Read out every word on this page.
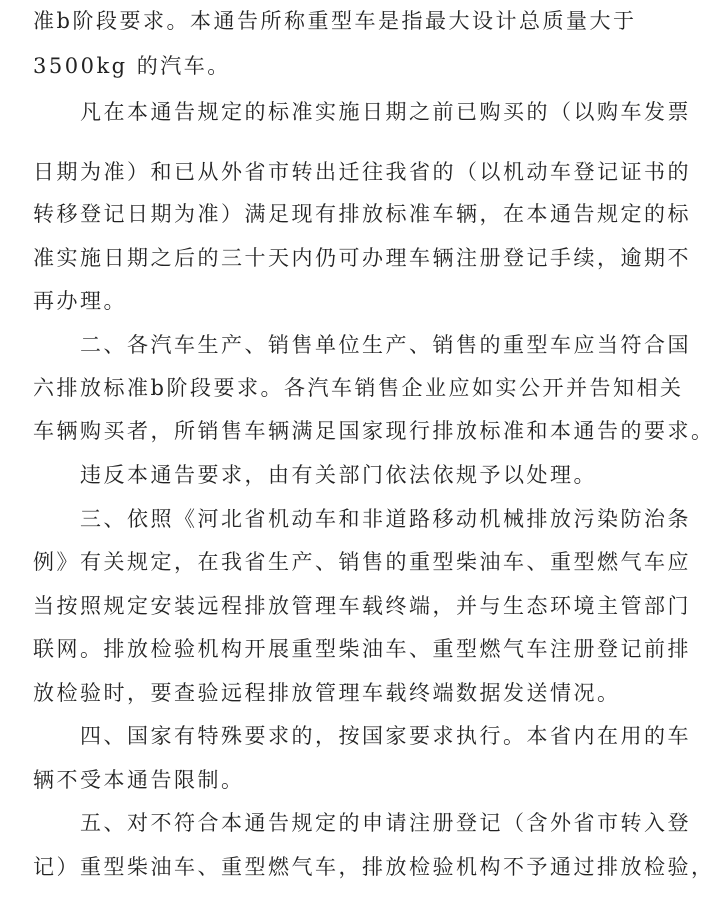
准b阶段要求。本通告所称重型车是指最大设计总质量大于
3500kg 的汽车。
凡在本通告规定的标准实施日期之前已购买的（以购车发票
日期为准）和已从外省市转出迁往我省的（以机动车登记证书的
转移登记日期为准）满足现有排放标准车辆，在本通告规定的标
准实施日期之后的三十天内仍可办理车辆注册登记手续，逾期不
再办理。
二、各汽车生产、销售单位生产、销售的重型车应当符合国
六排放标准b阶段要求。各汽车销售企业应如实公开并告知相关
车辆购买者，所销售车辆满足国家现行排放标准和本通告的要求。
违反本通告要求，由有关部门依法依规予以处理。
三、依照《河北省机动车和非道路移动机械排放污染防治条
例》有关规定，在我省生产、销售的重型柴油车、重型燃气车应
当按照规定安装远程排放管理车载终端，并与生态环境主管部门
联网。排放检验机构开展重型柴油车、重型燃气车注册登记前排
放检验时，要查验远程排放管理车载终端数据发送情况。
四、国家有特殊要求的，按国家要求执行。本省内在用的车
辆不受本通告限制。
五、对不符合本通告规定的申请注册登记（含外省市转入登
记）重型柴油车、重型燃气车，排放检验机构不予通过排放检验，
